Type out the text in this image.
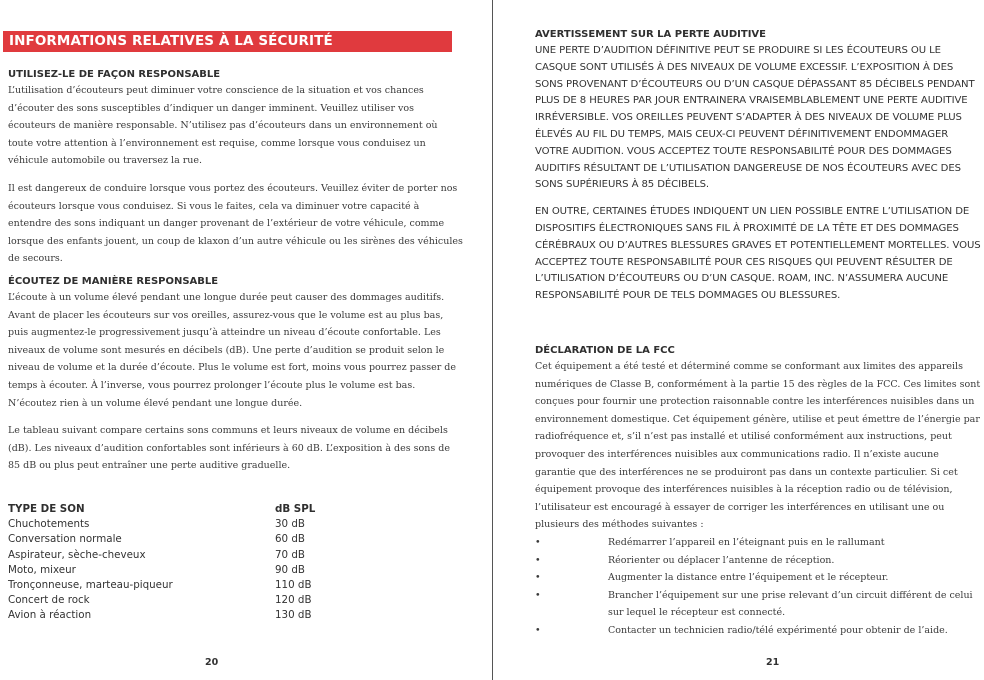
INFORMATIONS RELATIVES À LA SÉCURITÉ
UTILISEZ-LE DE FAÇON RESPONSABLE

L’utilisation d’écouteurs peut diminuer votre conscience de la situation et vos chances d’écouter des sons susceptibles d’indiquer un danger imminent. Veuillez utiliser vos écouteurs de manière responsable. N’utilisez pas d’écouteurs dans un environnement où toute votre attention à l’environnement est requise, comme lorsque vous conduisez un véhicule automobile ou traversez la rue.

Il est dangereux de conduire lorsque vous portez des écouteurs. Veuillez éviter de porter nos écouteurs lorsque vous conduisez. Si vous le faites, cela va diminuer votre capacité à entendre des sons indiquant un danger provenant de l’extérieur de votre véhicule, comme lorsque des enfants jouent, un coup de klaxon d’un autre véhicule ou les sirènes des véhicules de secours.

ÉCOUTEZ DE MANIÈRE RESPONSABLE

L’écoute à un volume élevé pendant une longue durée peut causer des dommages auditifs. Avant de placer les écouteurs sur vos oreilles, assurez-vous que le volume est au plus bas, puis augmentez-le progressivement jusqu’à atteindre un niveau d’écoute confortable. Les niveaux de volume sont mesurés en décibels (dB). Une perte d’audition se produit selon le niveau de volume et la durée d’écoute. Plus le volume est fort, moins vous pourrez passer de temps à écouter. À l’inverse, vous pourrez prolonger l’écoute plus le volume est bas. N’écoutez rien à un volume élevé pendant une longue durée.

Le tableau suivant compare certains sons communs et leurs niveaux de volume en décibels (dB). Les niveaux d’audition confortables sont inférieurs à 60 dB. L’exposition à des sons de 85 dB ou plus peut entraîner une perte auditive graduelle.

TYPE DE SON	dB SPL
Chuchotements	30 dB
Conversation normale	60 dB
Aspirateur, sèche-cheveux	70 dB
Moto, mixeur	90 dB
Tronçonneuse, marteau-piqueur	110 dB
Concert de rock	120 dB
Avion à réaction	130 dB
20
AVERTISSEMENT SUR LA PERTE AUDITIVE

UNE PERTE D’AUDITION DÉFINITIVE PEUT SE PRODUIRE SI LES ÉCOUTEURS OU LE CASQUE SONT UTILISÉS À DES NIVEAUX DE VOLUME EXCESSIF. L’EXPOSITION À DES SONS PROVENANT D’ÉCOUTEURS OU D’UN CASQUE DÉPASSANT 85 DÉCIBELS PENDANT PLUS DE 8 HEURES PAR JOUR ENTRAINERA VRAISEMBLABLEMENT UNE PERTE AUDITIVE IRRÉVERSIBLE. VOS OREILLES PEUVENT S’ADAPTER À DES NIVEAUX DE VOLUME PLUS ÉLEVÉS AU FIL DU TEMPS, MAIS CEUX-CI PEUVENT DÉFINITIVEMENT ENDOMMAGER VOTRE AUDITION. VOUS ACCEPTEZ TOUTE RESPONSABILITÉ POUR DES DOMMAGES AUDITIFS RÉSULTANT DE L’UTILISATION DANGEREUSE DE NOS ÉCOUTEURS AVEC DES SONS SUPÉRIEURS À 85 DÉCIBELS.

EN OUTRE, CERTAINES ÉTUDES INDIQUENT UN LIEN POSSIBLE ENTRE L’UTILISATION DE DISPOSITIFS ÉLECTRONIQUES SANS FIL À PROXIMITÉ DE LA TÊTE ET DES DOMMAGES CÉRÉBRAUX OU D’AUTRES BLESSURES GRAVES ET POTENTIELLEMENT MORTELLES. VOUS ACCEPTEZ TOUTE RESPONSABILITÉ POUR CES RISQUES QUI PEUVENT RÉSULTER DE L’UTILISATION D’ÉCOUTEURS OU D’UN CASQUE. ROAM, INC. N’ASSUMERA AUCUNE RESPONSABILITÉ POUR DE TELS DOMMAGES OU BLESSURES.

DÉCLARATION DE LA FCC

Cet équipement a été testé et déterminé comme se conformant aux limites des appareils numériques de Classe B, conformément à la partie 15 des règles de la FCC. Ces limites sont conçues pour fournir une protection raisonnable contre les interférences nuisibles dans un environnement domestique. Cet équipement génère, utilise et peut émettre de l’énergie par radiofréquence et, s’il n’est pas installé et utilisé conformément aux instructions, peut provoquer des interférences nuisibles aux communications radio. Il n’existe aucune garantie que des interférences ne se produiront pas dans un contexte particulier. Si cet équipement provoque des interférences nuisibles à la réception radio ou de télévision, l’utilisateur est encouragé à essayer de corriger les interférences en utilisant une ou plusieurs des méthodes suivantes :

•	Redémarrer l’appareil en l’éteignant puis en le rallumant
•	Réorienter ou déplacer l’antenne de réception.
•	Augmenter la distance entre l’équipement et le récepteur.
•	Brancher l’équipement sur une prise relevant d’un circuit différent de celui sur lequel le récepteur est connecté.
•	Contacter un technicien radio/télé expérimenté pour obtenir de l’aide.
21
